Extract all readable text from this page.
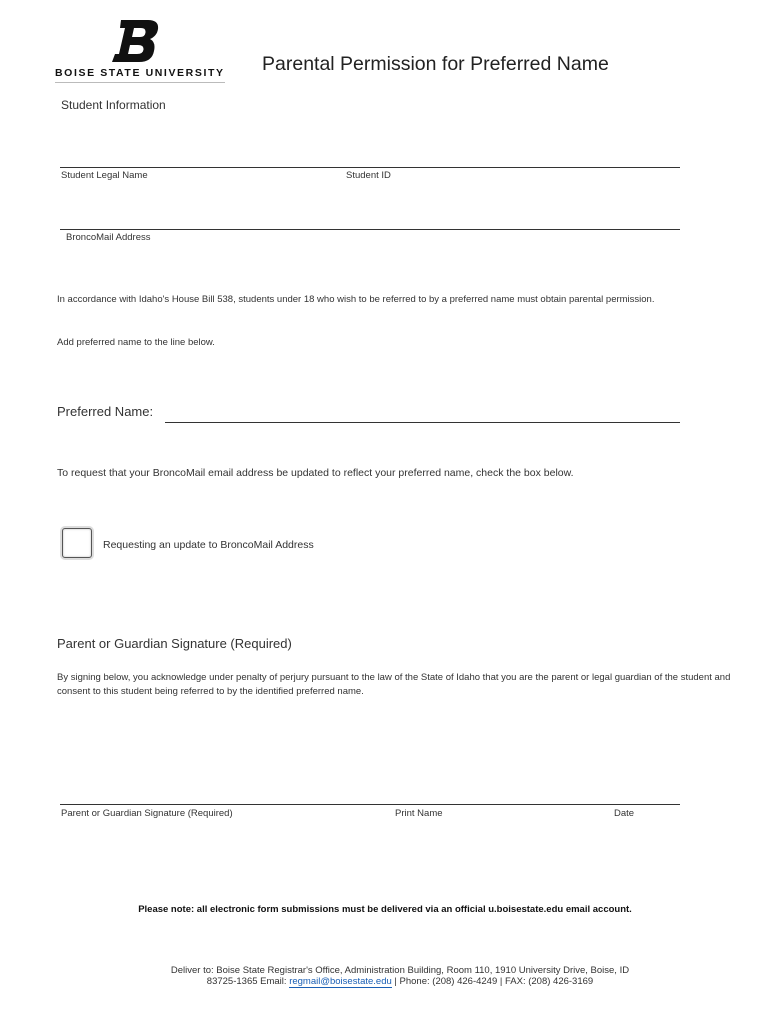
BOISE STATE UNIVERSITY Parental Permission for Preferred Name
Student Information
Student Legal Name	Student ID
BroncoMail Address
In accordance with Idaho's House Bill 538, students under 18 who wish to be referred to by a preferred name must obtain parental permission.
Add preferred name to the line below.
Preferred Name:
To request that your BroncoMail email address be updated to reflect your preferred name, check the box below.
Requesting an update to BroncoMail Address
Parent or Guardian Signature (Required)
By signing below, you acknowledge under penalty of perjury pursuant to the law of the State of Idaho that you are the parent or legal guardian of the student and consent to this student being referred to by the identified preferred name.
Parent or Guardian Signature (Required)	Print Name	Date
Please note: all electronic form submissions must be delivered via an official u.boisestate.edu email account.
Deliver to: Boise State Registrar's Office, Administration Building, Room 110, 1910 University Drive, Boise, ID
83725-1365 Email: regmail@boisestate.edu | Phone: (208) 426-4249 | FAX: (208) 426-3169
